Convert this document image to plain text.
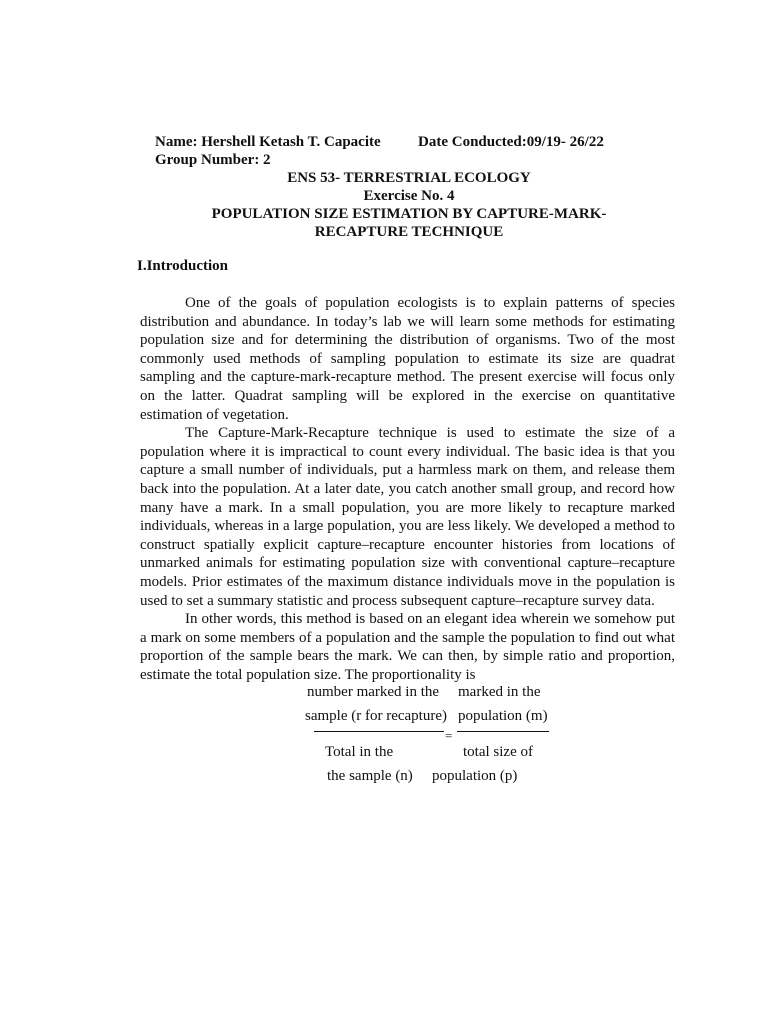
Name: Hershell Ketash T. Capacite Date Conducted:09/19- 26/22
Group Number: 2
ENS 53- TERRESTRIAL ECOLOGY
Exercise No. 4
POPULATION SIZE ESTIMATION BY CAPTURE-MARK-
RECAPTURE TECHNIQUE
I.Introduction

One of the goals of population ecologists is to explain patterns of species distribution and abundance. In today’s lab we will learn some methods for estimating population size and for determining the distribution of organisms. Two of the most commonly used methods of sampling population to estimate its size are quadrat sampling and the capture-mark-recapture method. The present exercise will focus only on the latter. Quadrat sampling will be explored in the exercise on quantitative estimation of vegetation.

The Capture-Mark-Recapture technique is used to estimate the size of a population where it is impractical to count every individual. The basic idea is that you capture a small number of individuals, put a harmless mark on them, and release them back into the population. At a later date, you catch another small group, and record how many have a mark. In a small population, you are more likely to recapture marked individuals, whereas in a large population, you are less likely. We developed a method to construct spatially explicit capture–recapture encounter histories from locations of unmarked animals for estimating population size with conventional capture–recapture models. Prior estimates of the maximum distance individuals move in the population is used to set a summary statistic and process subsequent capture–recapture survey data.

In other words, this method is based on an elegant idea wherein we somehow put a mark on some members of a population and the sample the population to find out what proportion of the sample bears the mark. We can then, by simple ratio and proportion, estimate the total population size. The proportionality is

number marked in the
sample (r for recapture)
marked in the
population (m)
=
Total in the
the sample (n)
total size of
population (p)
